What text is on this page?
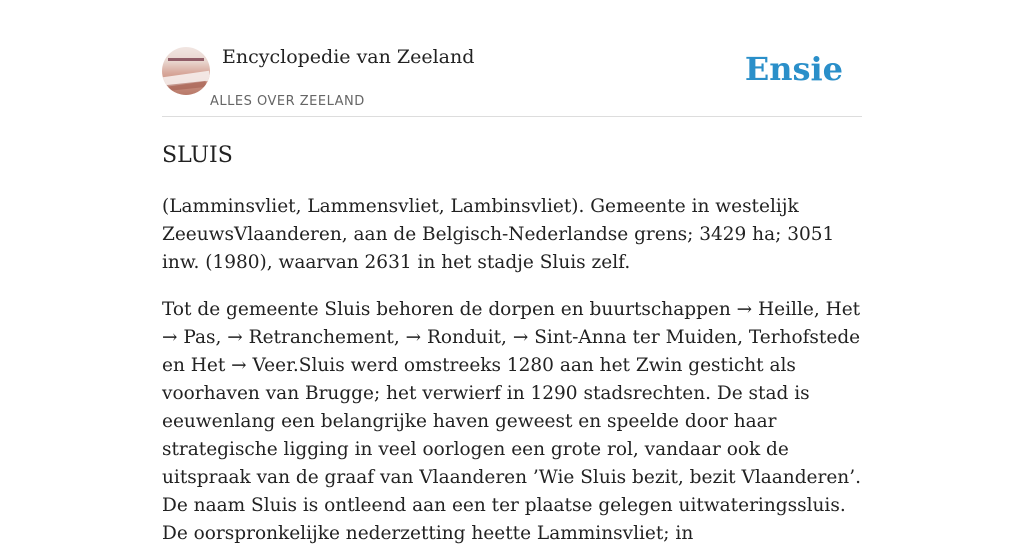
Encyclopedie van Zeeland
ALLES OVER ZEELAND
Ensie
SLUIS

(Lamminsvliet, Lammensvliet, Lambinsvliet). Gemeente in westelijk ZeeuwsVlaanderen, aan de Belgisch-Nederlandse grens; 3429 ha; 3051 inw. (1980), waarvan 2631 in het stadje Sluis zelf.

Tot de gemeente Sluis behoren de dorpen en buurtschappen → Heille, Het → Pas, → Retranchement, → Ronduit, → Sint-Anna ter Muiden, Terhofstede en Het → Veer.Sluis werd omstreeks 1280 aan het Zwin gesticht als voorhaven van Brugge; het verwierf in 1290 stadsrechten. De stad is eeuwenlang een belangrijke haven geweest en speelde door haar strategische ligging in veel oorlogen een grote rol, vandaar ook de uitspraak van de graaf van Vlaanderen ’Wie Sluis bezit, bezit Vlaanderen’. De naam Sluis is ontleend aan een ter plaatse gelegen uitwateringssluis. De oorspronkelijke nederzetting heette Lamminsvliet; in
